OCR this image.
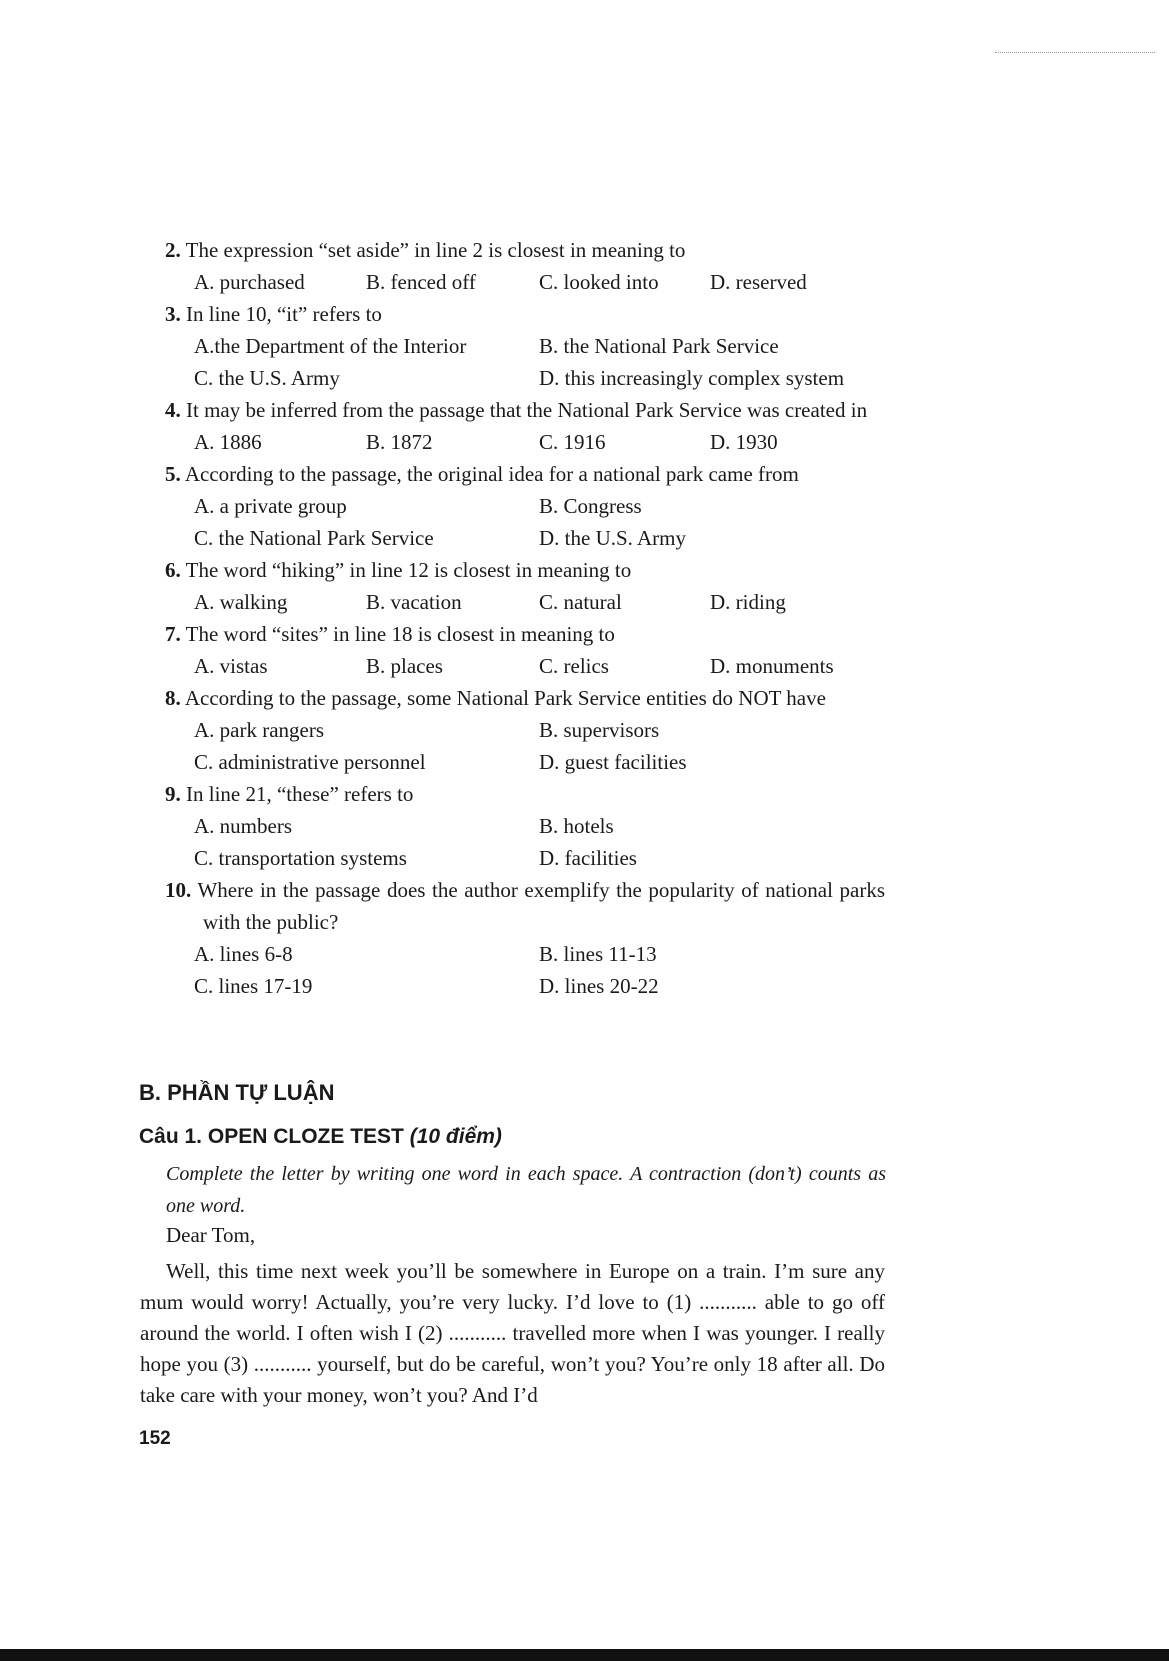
2. The expression “set aside” in line 2 is closest in meaning to
A. purchased	B. fenced off	C. looked into D. reserved
3. In line 10, “it” refers to
A.the Department of the Interior	B. the National Park Service
C. the U.S. Army	D. this increasingly complex system
4. It may be inferred from the passage that the National Park Service was created in
A. 1886	B. 1872	C. 1916	D. 1930
5. According to the passage, the original idea for a national park came from
A. a private group	B. Congress
C. the National Park Service	D. the U.S. Army
6. The word “hiking” in line 12 is closest in meaning to
A. walking	B. vacation	C. natural	D. riding
7. The word “sites” in line 18 is closest in meaning to
A. vistas	B. places	C. relics	D. monuments
8. According to the passage, some National Park Service entities do NOT have
A. park rangers	B. supervisors
C. administrative personnel	D. guest facilities
9. In line 21, “these” refers to
A. numbers	B. hotels
C. transportation systems	D. facilities
10. Where in the passage does the author exemplify the popularity of national parks with the public?
A. lines 6-8	B. lines 11-13
C. lines 17-19	D. lines 20-22
B. PHẦN TỰ LUẬN
Câu 1. OPEN CLOZE TEST (10 điểm)
Complete the letter by writing one word in each space. A contraction (don’t) counts as one word.
Dear Tom,

Well, this time next week you’ll be somewhere in Europe on a train. I’m sure any mum would worry! Actually, you’re very lucky. I’d love to (1) ........... able to go off around the world. I often wish I (2) ........... travelled more when I was younger. I really hope you (3) ........... yourself, but do be careful, won’t you? You’re only 18 after all. Do take care with your money, won’t you? And I’d

152
